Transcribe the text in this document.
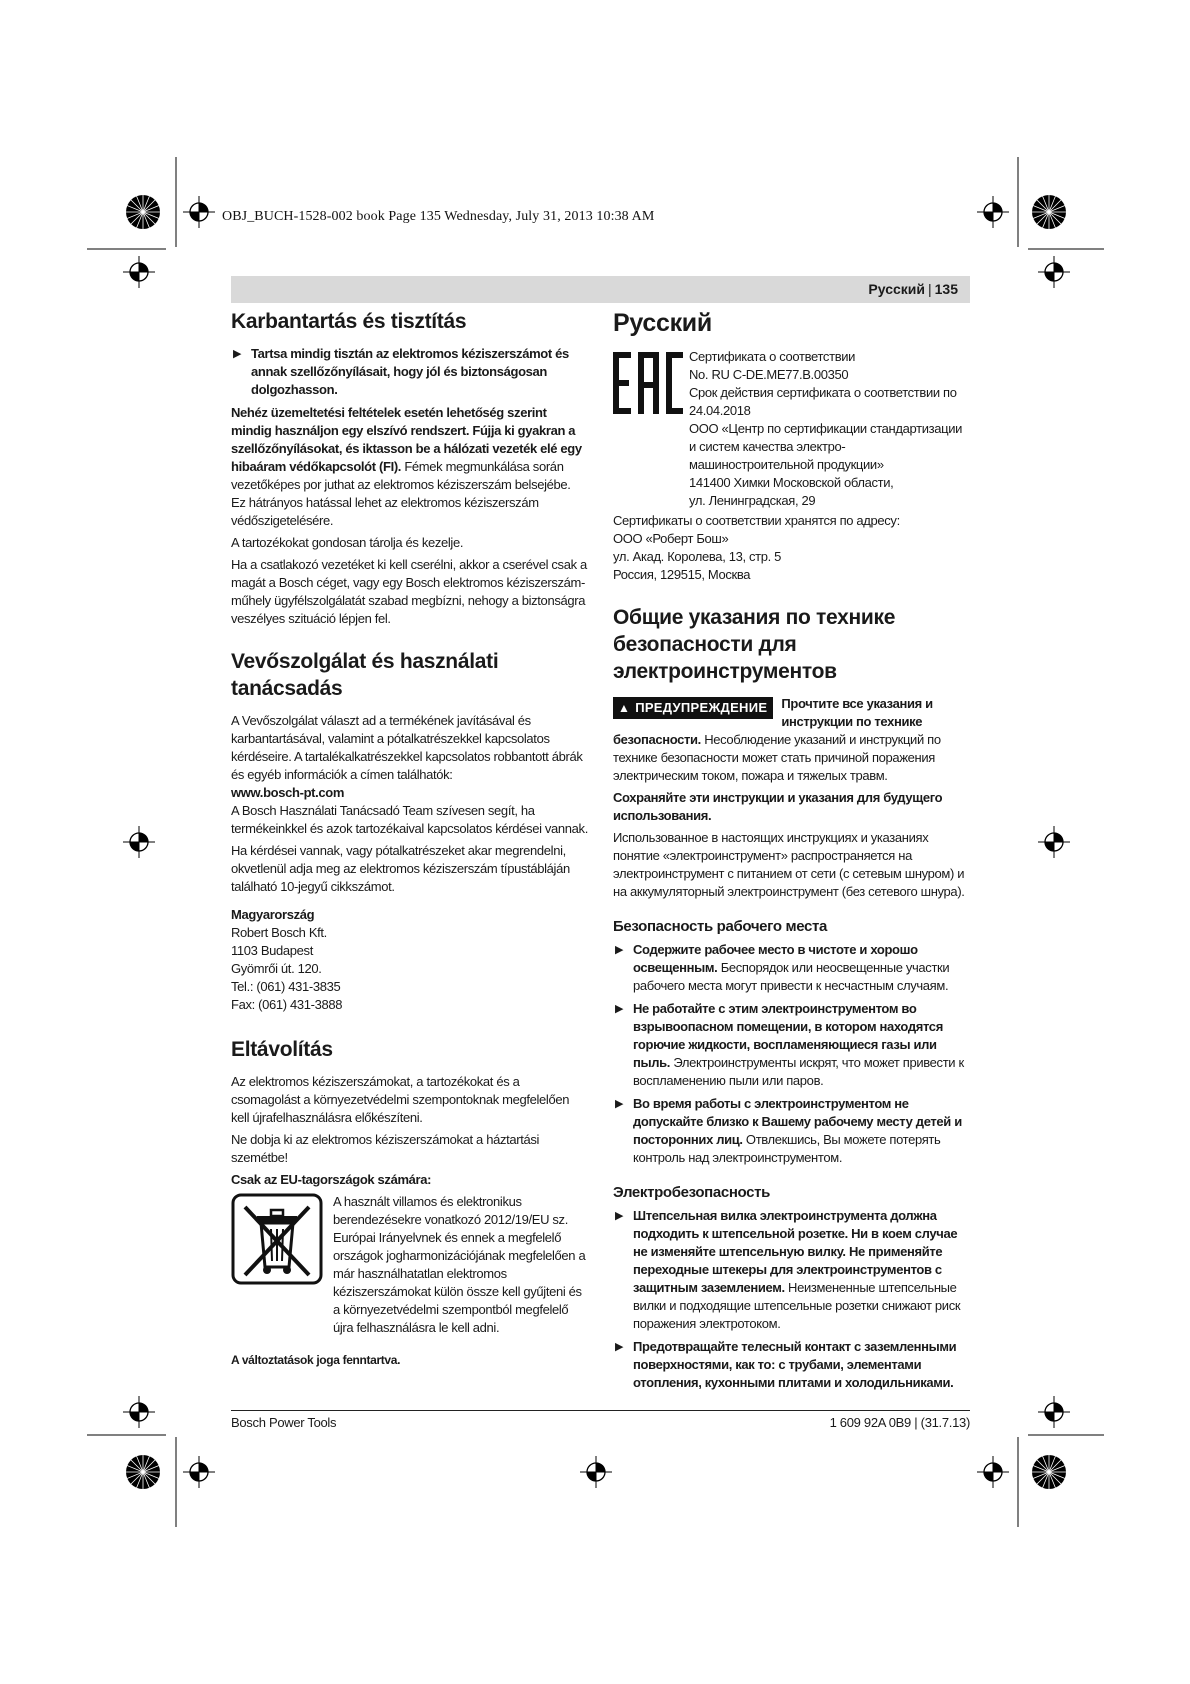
OBJ_BUCH-1528-002 book Page 135 Wednesday, July 31, 2013 10:38 AM
Русский | 135
Karbantartás és tisztítás
▶ Tartsa mindig tisztán az elektromos kéziszerszámot és annak szellőzőnyílásait, hogy jól és biztonságosan dolgozhasson.

Nehéz üzemeltetési feltételek esetén lehetőség szerint mindig használjon egy elszívó rendszert. Fújja ki gyakran a szellőzőnyílásokat, és iktasson be a hálózati vezeték elé egy hibaáram védőkapcsolót (FI). Fémek megmunkálása során vezetőképes por juthat az elektromos kéziszerszám belsejébe. Ez hátrányos hatással lehet az elektromos kéziszerszám védőszigetelésére.

A tartozékokat gondosan tárolja és kezelje.

Ha a csatlakozó vezetéket ki kell cserélni, akkor a cserével csak a magát a Bosch céget, vagy egy Bosch elektromos kéziszerszám-műhely ügyfélszolgálatát szabad megbízni, nehogy a biztonságra veszélyes szituáció lépjen fel.

Vevőszolgálat és használati tanácsadás

A Vevőszolgálat választ ad a termékének javításával és karbantartásával, valamint a pótalkatrészekkel kapcsolatos kérdéseire. A tartalékalkatrészekkel kapcsolatos robbantott ábrák és egyéb információk a címen találhatók:

www.bosch-pt.com

A Bosch Használati Tanácsadó Team szívesen segít, ha termékeinkkel és azok tartozékaival kapcsolatos kérdései vannak.

Ha kérdései vannak, vagy pótalkatrészeket akar megrendelni, okvetlenül adja meg az elektromos kéziszerszám típustábláján található 10-jegyű cikkszámot.

Magyarország

Robert Bosch Kft.

1103 Budapest

Gyömrői út. 120.

Tel.: (061) 431-3835

Fax: (061) 431-3888

Eltávolítás

Az elektromos kéziszerszámokat, a tartozékokat és a csomagolást a környezetvédelmi szempontoknak megfelelően kell újrafelhasználásra előkészíteni.

Ne dobja ki az elektromos kéziszerszámokat a háztartási szemétbe!

Csak az EU-tagországok számára:

A használt villamos és elektronikus berendezésekre vonatkozó 2012/19/EU sz. Európai Irányelvnek és ennek a megfelelő országok jogharmonizációjának megfelelően a már használhatatlan elektromos kéziszerszámokat külön össze kell gyűjteni és a környezetvédelmi szempontból megfelelő újra felhasználásra le kell adni.

A változtatások joga fenntartva.

Русский
Сертификата о соответствии
No. RU C-DE.ME77.B.00350
Срок действия сертификата о соответствии по 24.04.2018
ООО «Центр по сертификации стандартизации и систем качества электро-машиностроительной продукции»
141400 Химки Московской области,
ул. Ленинградская, 29
Сертификаты о соответствии хранятся по адресу:
ООО «Роберт Бош»
ул. Акад. Королева, 13, стр. 5
Россия, 129515, Москва
Общие указания по технике безопасности для электроинструментов

▲ ПРЕДУПРЕЖДЕНИЕ	Прочтите все указания и инструкции по технике безопасности. Несоблюдение указаний и инструкций по технике безопасности может стать причиной поражения электрическим током, пожара и тяжелых травм.

Сохраняйте эти инструкции и указания для будущего использования.

Использованное в настоящих инструкциях и указаниях понятие «электроинструмент» распространяется на электроинструмент с питанием от сети (с сетевым шнуром) и на аккумуляторный электроинструмент (без сетевого шнура).

Безопасность рабочего места
▶ Содержите рабочее место в чистоте и хорошо освещенным. Беспорядок или неосвещенные участки рабочего места могут привести к несчастным случаям.
▶ Не работайте с этим электроинструментом во взрывоопасном помещении, в котором находятся горючие жидкости, воспламеняющиеся газы или пыль. Электроинструменты искрят, что может привести к воспламенению пыли или паров.
▶ Во время работы с электроинструментом не допускайте близко к Вашему рабочему месту детей и посторонних лиц. Отвлекшись, Вы можете потерять контроль над электроинструментом.
Электробезопасность
▶ Штепсельная вилка электроинструмента должна подходить к штепсельной розетке. Ни в коем случае не изменяйте штепсельную вилку. Не применяйте переходные штекеры для электроинструментов с защитным заземлением. Неизмененные штепсельные вилки и подходящие штепсельные розетки снижают риск поражения электротоком.
▶ Предотвращайте телесный контакт с заземленными поверхностями, как то: с трубами, элементами отопления, кухонными плитами и холодильниками.
Bosch Power Tools	1 609 92A 0B9 | (31.7.13)
